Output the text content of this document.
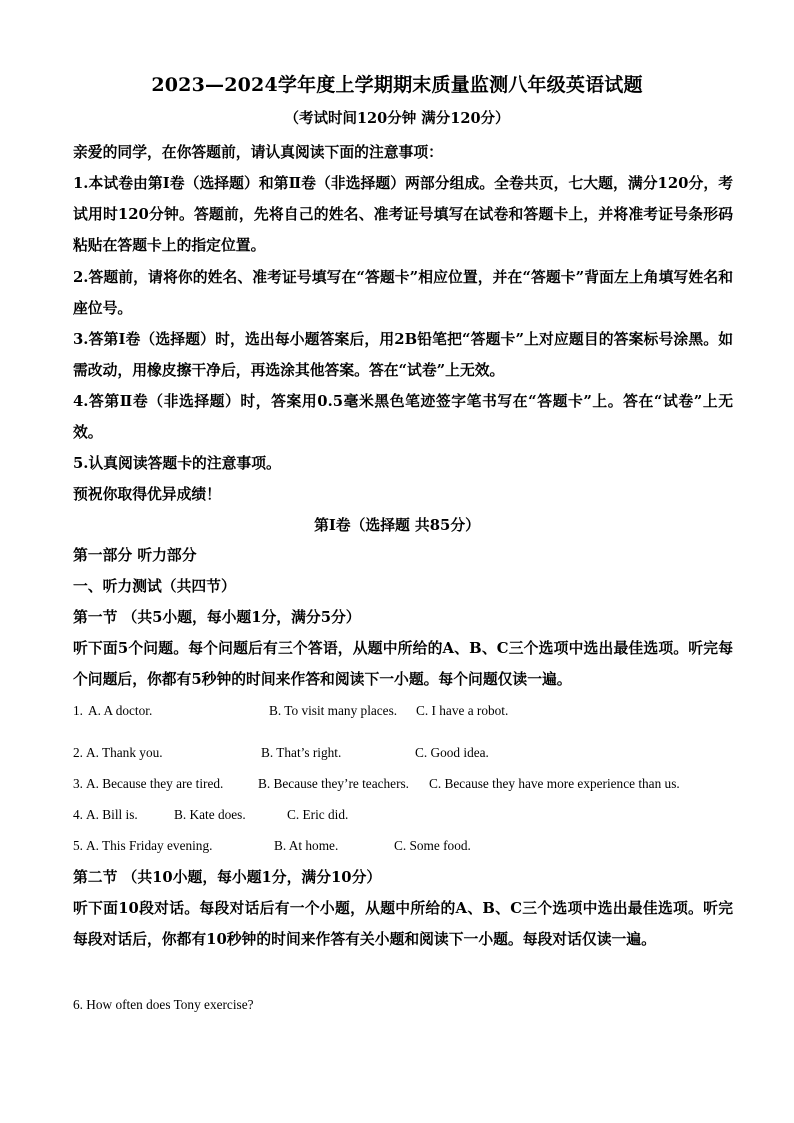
2023—2024学年度上学期期末质量监测八年级英语试题
（考试时间120分钟 满分120分）

亲爱的同学，在你答题前，请认真阅读下面的注意事项：

1.本试卷由第Ⅰ卷（选择题）和第Ⅱ卷（非选择题）两部分组成。全卷共页，七大题，满分120分，考试用时120分钟。答题前，先将自己的姓名、准考证号填写在试卷和答题卡上，并将准考证号条形码粘贴在答题卡上的指定位置。

2.答题前，请将你的姓名、准考证号填写在“答题卡”相应位置，并在“答题卡”背面左上角填写姓名和座位号。

3.答第Ⅰ卷（选择题）时，选出每小题答案后，用2B铅笔把“答题卡”上对应题目的答案标号涂黑。如需改动，用橡皮擦干净后，再选涂其他答案。答在“试卷”上无效。

4.答第Ⅱ卷（非选择题）时，答案用0.5毫米黑色笔迹签字笔书写在“答题卡”上。答在“试卷”上无效。

5.认真阅读答题卡的注意事项。

预祝你取得优异成绩！

第Ⅰ卷（选择题 共85分）

第一部分 听力部分

一、听力测试（共四节）

第一节 （共5小题，每小题1分，满分5分）

听下面5个问题。每个问题后有三个答语，从题中所给的A、B、C三个选项中选出最佳选项。听完每个问题后，你都有5秒钟的时间来作答和阅读下一小题。每个问题仅读一遍。

1. A. A doctor.	B. To visit many places. C. I have a robot.
2. A. Thank you.	B. That’s right.	C. Good idea.
3. A. Because they are tired.	B. Because they’re teachers. C. Because they have more experience than us.
4. A. Bill is.	B. Kate does.	C. Eric did.
5. A. This Friday evening.	B. At home.	C. Some food.

第二节 （共10小题，每小题1分，满分10分）

听下面10段对话。每段对话后有一个小题，从题中所给的A、B、C三个选项中选出最佳选项。听完每段对话后，你都有10秒钟的时间来作答有关小题和阅读下一小题。每段对话仅读一遍。

6. How often does Tony exercise?
